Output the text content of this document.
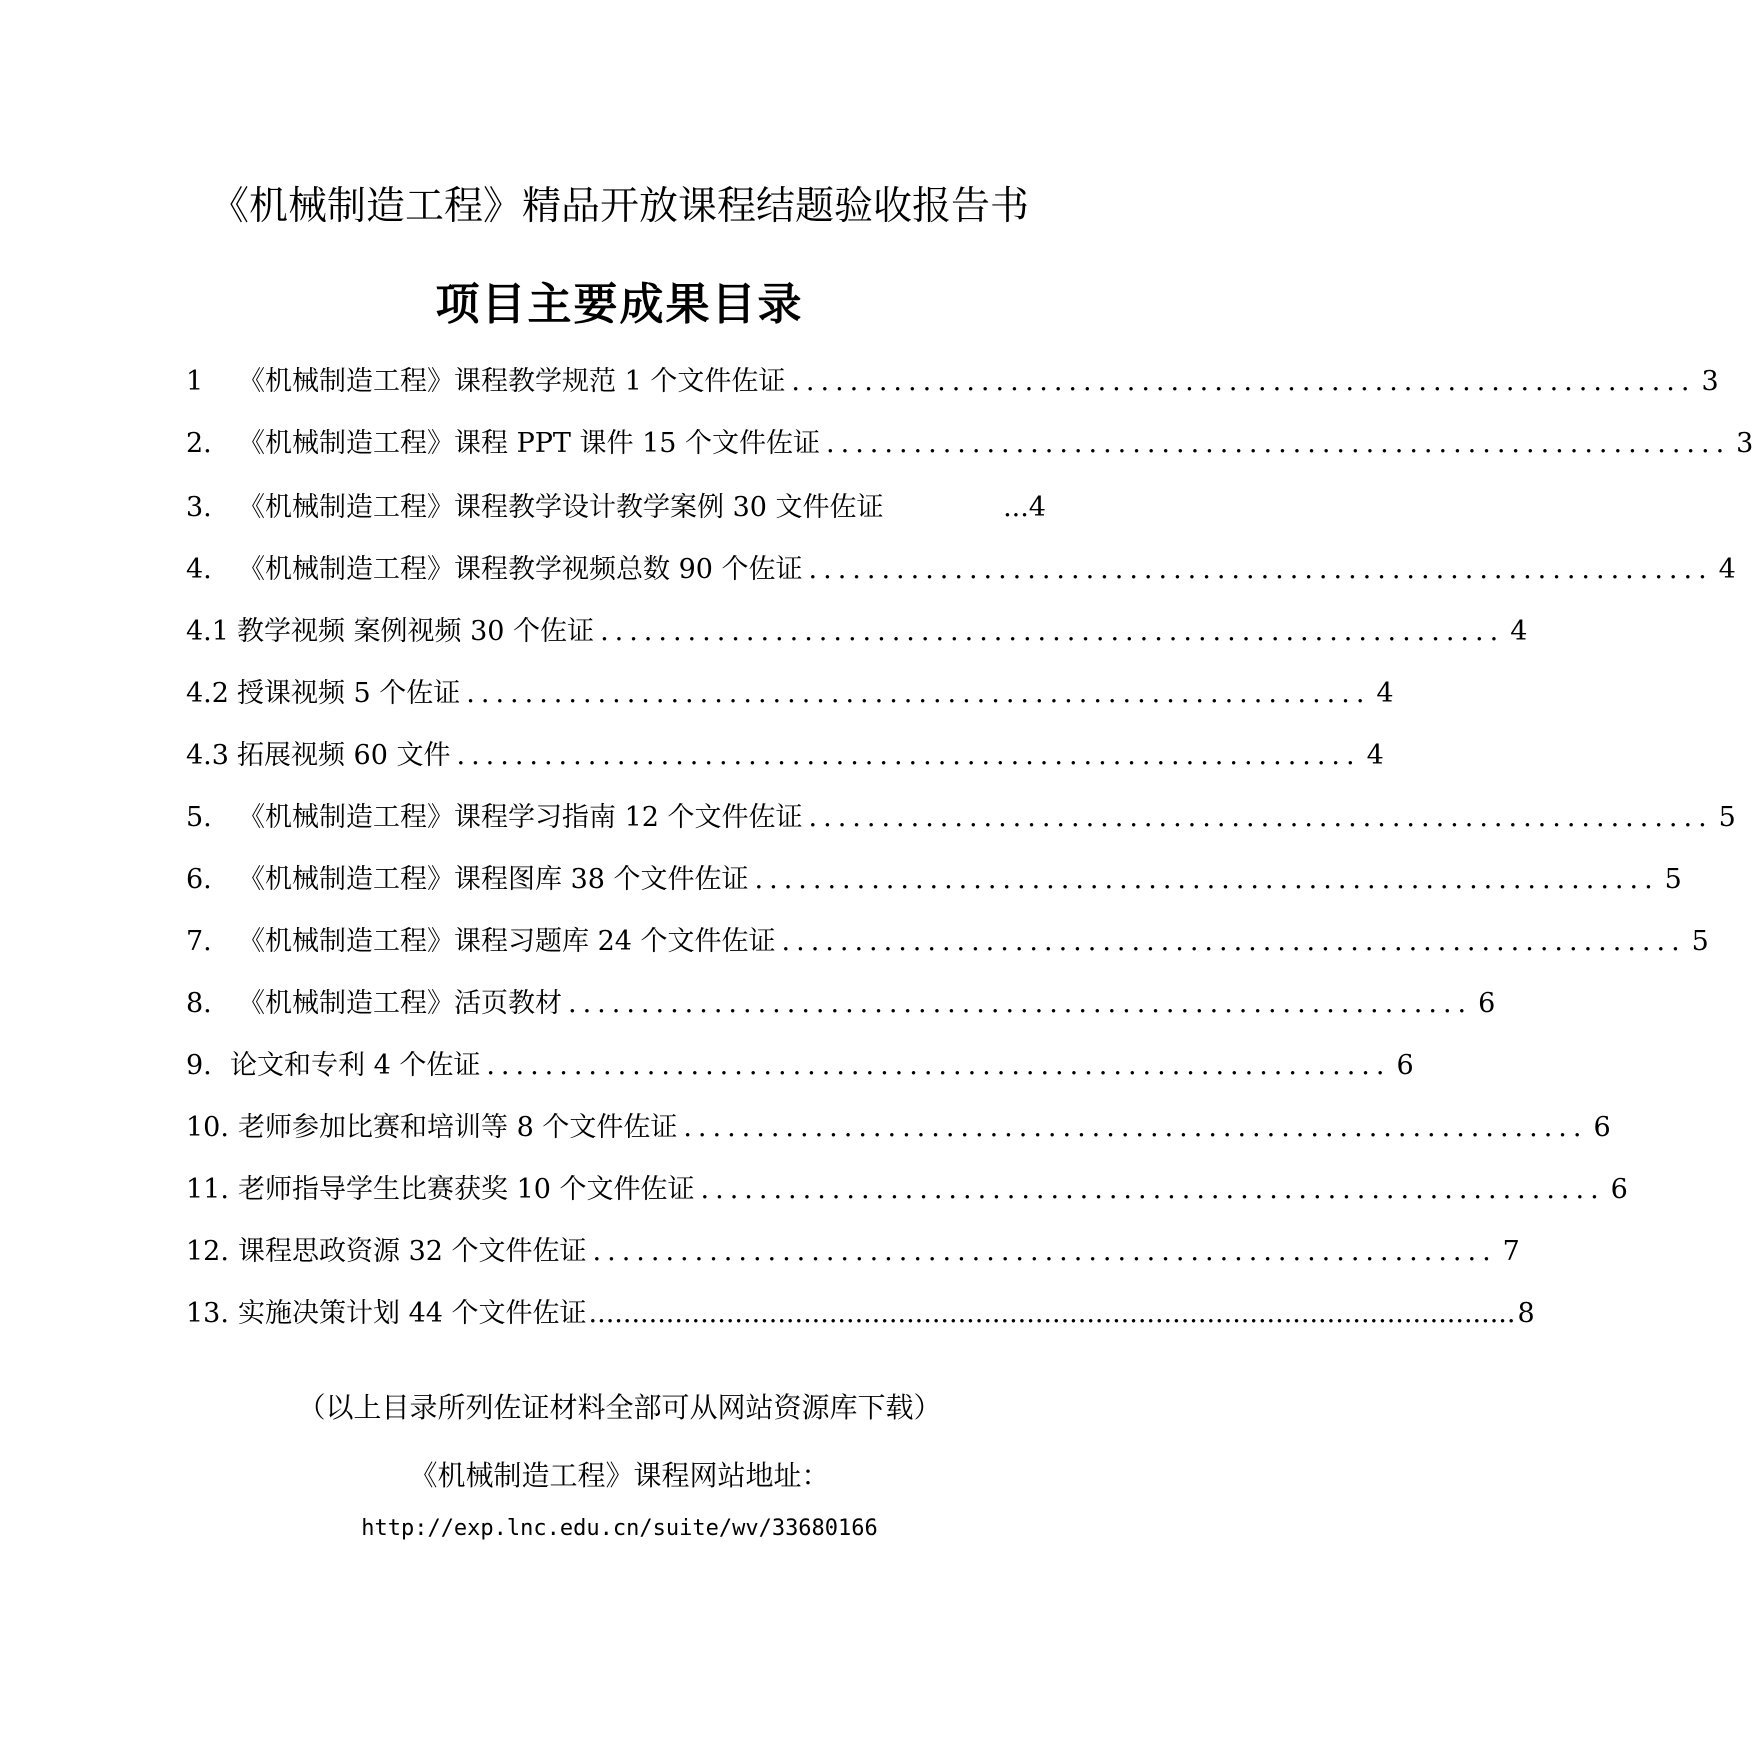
《机械制造工程》精品开放课程结题验收报告书
项目主要成果目录
1	《机械制造工程》课程教学规范 1 个文件佐证 .............................................................. 3
2. 《机械制造工程》课程 PPT 课件 15 个文件佐证 .............................................................. 3
3. 《机械制造工程》课程教学设计教学案例 30 文件佐证	...4
4. 《机械制造工程》课程教学视频总数 90 个佐证 .............................................................. 4
4.1 教学视频 案例视频 30 个佐证 .............................................................. 4
4.2 授课视频 5 个佐证 .............................................................. 4
4.3 拓展视频 60 文件 .............................................................. 4
5. 《机械制造工程》课程学习指南 12 个文件佐证 .............................................................. 5
6. 《机械制造工程》课程图库 38 个文件佐证 .............................................................. 5
7. 《机械制造工程》课程习题库 24 个文件佐证 .............................................................. 5
8. 《机械制造工程》活页教材 .............................................................. 6
9. 论文和专利 4 个佐证 .............................................................. 6
10. 老师参加比赛和培训等 8 个文件佐证 .............................................................. 6
11. 老师指导学生比赛获奖 10 个文件佐证 .............................................................. 6
12. 课程思政资源 32 个文件佐证 .............................................................. 7
13. 实施决策计划 44 个文件佐证 ............................................................................................................ 8
（以上目录所列佐证材料全部可从网站资源库下载）
《机械制造工程》课程网站地址：
http://exp.lnc.edu.cn/suite/wv/33680166
